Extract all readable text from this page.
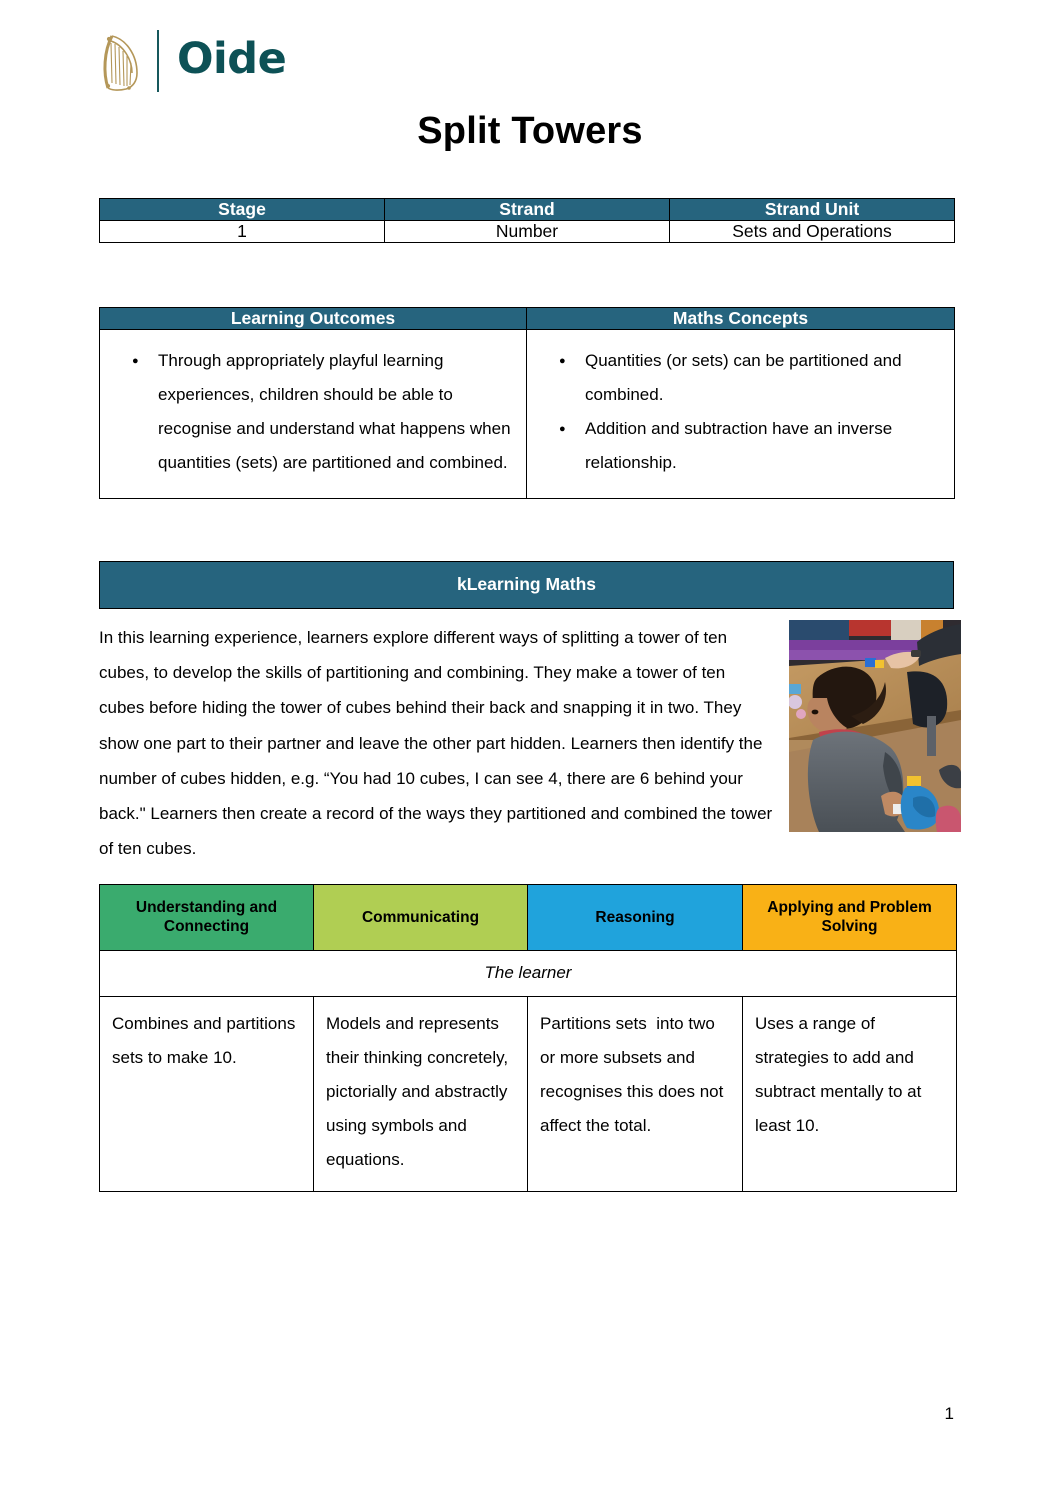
Oide
Split Towers
Stage	Strand	Strand Unit
1	Number	Sets and Operations
Learning Outcomes	Maths Concepts

● Through appropriately playful learning experiences, children should be able to recognise and understand what happens when quantities (sets) are partitioned and combined.

● Quantities (or sets) can be partitioned and combined.
● Addition and subtraction have an inverse relationship.
kLearning Maths
In this learning experience, learners explore different ways of splitting a tower of ten cubes, to develop the skills of partitioning and combining. They make a tower of ten cubes before hiding the tower of cubes behind their back and snapping it in two. They show one part to their partner and leave the other part hidden. Learners then identify the number of cubes hidden, e.g. “You had 10 cubes, I can see 4, there are 6 behind your back." Learners then create a record of the ways they partitioned and combined the tower of ten cubes.
Understanding and Connecting	Communicating	Reasoning	Applying and Problem Solving
The learner			
Combines and partitions sets to make 10.	Models and represents their thinking concretely, pictorially and abstractly using symbols and equations.	Partitions sets  into two or more subsets and recognises this does not affect the total.	Uses a range of strategies to add and subtract mentally to at least 10.
1
